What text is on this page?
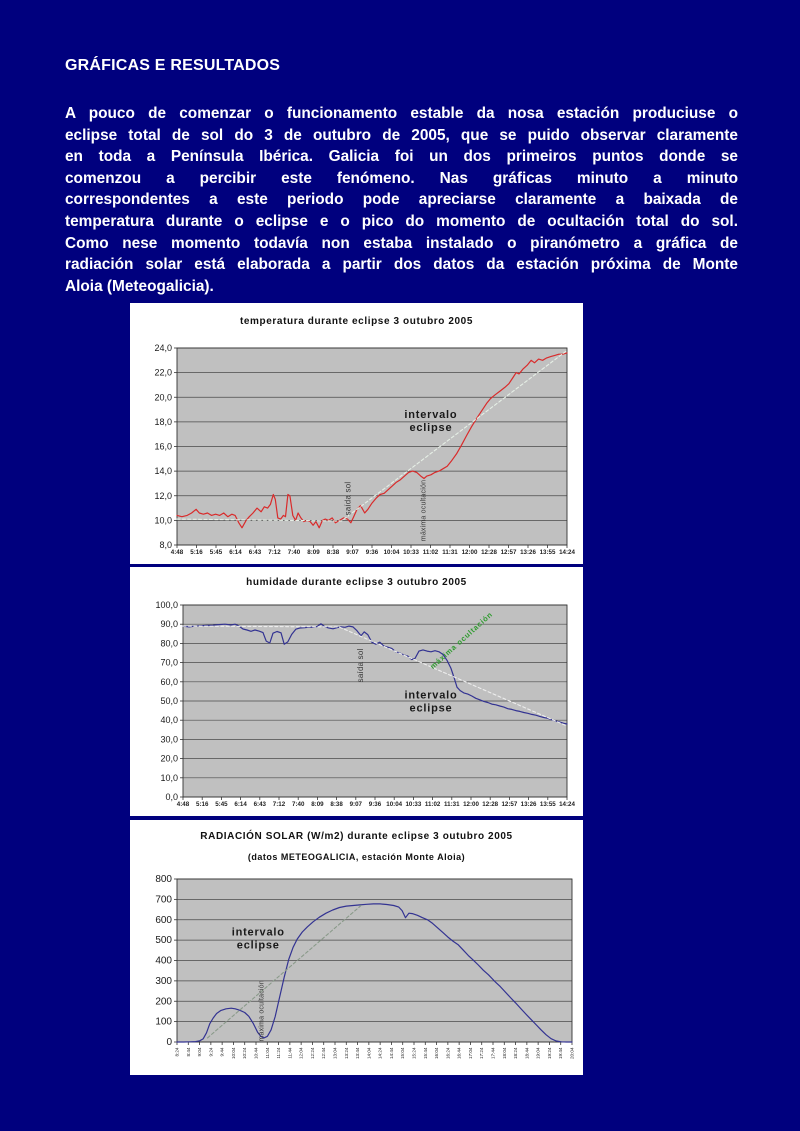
GRÁFICAS E RESULTADOS
A pouco de comenzar o funcionamento estable da nosa estación produciuse o
eclipse total de sol do 3 de outubro de 2005, que se puido observar claramente
en toda a Península Ibérica. Galicia foi un dos primeiros puntos donde se
comenzou a percibir este fenómeno. Nas gráficas minuto a minuto
correspondentes a este periodo pode apreciarse claramente a baixada de
temperatura durante o eclipse e o pico do momento de ocultación total do sol.
Como nese momento todavía non estaba instalado o piranómetro a gráfica de
radiación solar está elaborada a partir dos datos da estación próxima de Monte
Aloia (Meteogalicia).
temperatura durante eclipse 3 outubro 2005
24,0
22,0
20,0
18,0
16,0
14,0
12,0
10,0
8,0
4:48 5:16 5:45 6:14 6:43 7:12 7:40 8:09 8:38 9:07 9:36 10:04 10:33 11:02 11:31 12:00 12:28 12:57 13:26 13:55 14:24
intervalo
eclipse
saída sol	máxima ocultación
humidade durante eclipse 3 outubro 2005
100,0
90,0
80,0
70,0
60,0
50,0
40,0
30,0
20,0
10,0
0,0
4:48 5:16 5:45 6:14 6:43 7:12 7:40 8:09 8:38 9:07 9:36 10:04 10:33 11:02 11:31 12:00 12:28 12:57 13:26 13:55 14:24
intervalo
eclipse
saída sol	máxima ocultación
RADIACIÓN SOLAR (W/m2) durante eclipse 3 outubro 2005
(datos METEOGALICIA, estación Monte Aloia)
800
700
600
500
400
300
200
100
0
8:24 8:44 9:04 9:24 9:44 10:04 10:24 10:44 11:04 11:24 11:44 12:04 12:24 12:44 13:04 13:24 13:44 14:04 14:24 14:44 15:04 15:24 15:44 16:04 16:24 16:44 17:04 17:24 17:44 18:04 18:24 18:44 19:04 19:24 19:44 20:04
intervalo
eclipse
máxima ocultación
